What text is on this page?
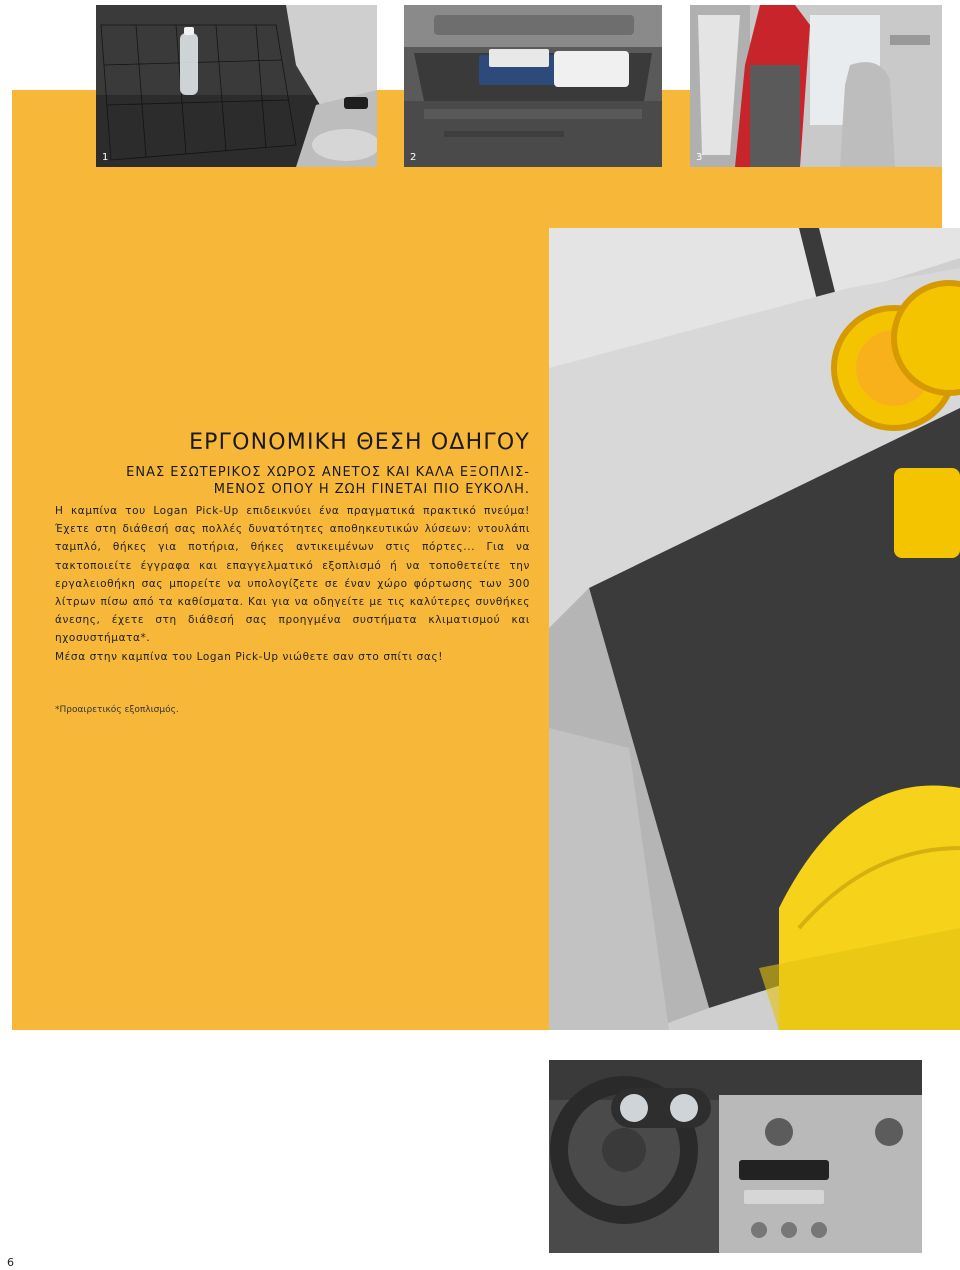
1	2	3
ΕΡΓΟΝΟΜΙΚΗ ΘΕΣΗ ΟΔΗΓΟΥ
ΕΝΑΣ ΕΣΩΤΕΡΙΚΟΣ ΧΩΡΟΣ ΑΝΕΤΟΣ ΚΑΙ ΚΑΛΑ ΕΞΟΠΛΙΣ-
ΜΕΝΟΣ ΟΠΟΥ Η ΖΩΗ ΓΙΝΕΤΑΙ ΠΙΟ ΕΥΚΟΛΗ.

Η καμπίνα του Logan Pick-Up επιδεικνύει ένα πραγματικά πρακτικό πνεύμα! Έχετε στη διάθεσή σας πολλές δυνατότητες αποθηκευτικών λύσεων: ντουλάπι ταμπλό, θήκες για ποτήρια, θήκες αντικειμένων στις πόρτες... Για να τακτοποιείτε έγγραφα και επαγγελματικό εξοπλισμό ή να τοποθετείτε την εργαλειοθήκη σας μπορείτε να υπολογίζετε σε έναν χώρο φόρτωσης των 300 λίτρων πίσω από τα καθίσματα. Και για να οδηγείτε με τις καλύτερες συνθήκες άνεσης, έχετε στη διάθεσή σας προηγμένα συστήματα κλιματισμού και ηχοσυστήματα*.

Μέσα στην καμπίνα του Logan Pick-Up νιώθετε σαν στο σπίτι σας!

*Προαιρετικός εξοπλισμός.
6
